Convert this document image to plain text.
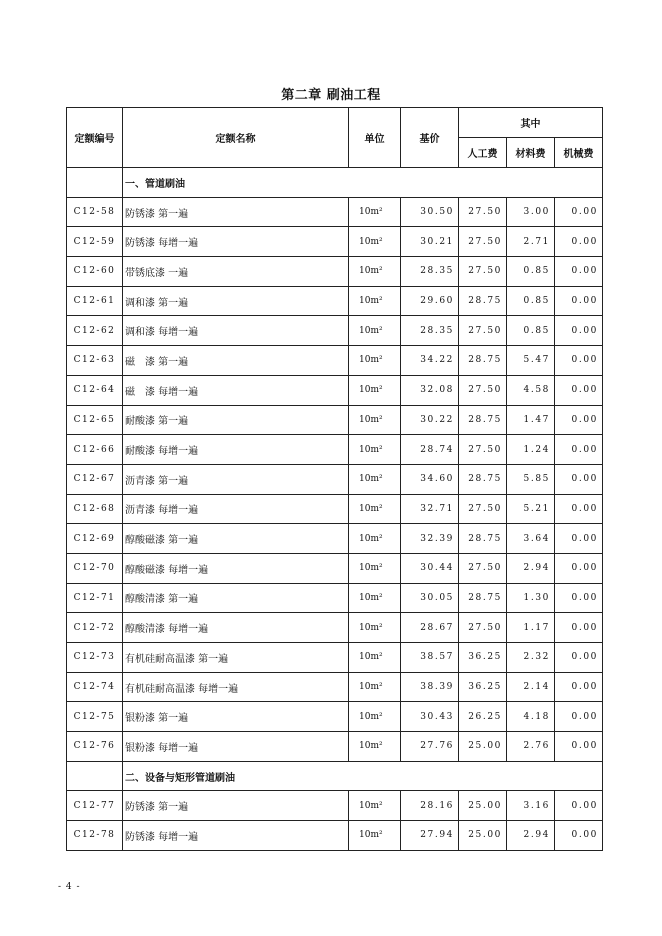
第二章 刷油工程
定额编号	定额名称	单位	基价	其中		
				人工费	材料费	机械费
	一、管道刷油					
C12-58	防锈漆 第一遍	10m²	30.50	27.50	3.00	0.00
C12-59	防锈漆 每增一遍	10m²	30.21	27.50	2.71	0.00
C12-60	带锈底漆 一遍	10m²	28.35	27.50	0.85	0.00
C12-61	调和漆 第一遍	10m²	29.60	28.75	0.85	0.00
C12-62	调和漆 每增一遍	10m²	28.35	27.50	0.85	0.00
C12-63	磁　漆 第一遍	10m²	34.22	28.75	5.47	0.00
C12-64	磁　漆 每增一遍	10m²	32.08	27.50	4.58	0.00
C12-65	耐酸漆 第一遍	10m²	30.22	28.75	1.47	0.00
C12-66	耐酸漆 每增一遍	10m²	28.74	27.50	1.24	0.00
C12-67	沥青漆 第一遍	10m²	34.60	28.75	5.85	0.00
C12-68	沥青漆 每增一遍	10m²	32.71	27.50	5.21	0.00
C12-69	醇酸磁漆 第一遍	10m²	32.39	28.75	3.64	0.00
C12-70	醇酸磁漆 每增一遍	10m²	30.44	27.50	2.94	0.00
C12-71	醇酸清漆 第一遍	10m²	30.05	28.75	1.30	0.00
C12-72	醇酸清漆 每增一遍	10m²	28.67	27.50	1.17	0.00
C12-73	有机硅耐高温漆 第一遍	10m²	38.57	36.25	2.32	0.00
C12-74	有机硅耐高温漆 每增一遍	10m²	38.39	36.25	2.14	0.00
C12-75	银粉漆 第一遍	10m²	30.43	26.25	4.18	0.00
C12-76	银粉漆 每增一遍	10m²	27.76	25.00	2.76	0.00
	二、设备与矩形管道刷油					
C12-77	防锈漆 第一遍	10m²	28.16	25.00	3.16	0.00
C12-78	防锈漆 每增一遍	10m²	27.94	25.00	2.94	0.00
- 4 -
